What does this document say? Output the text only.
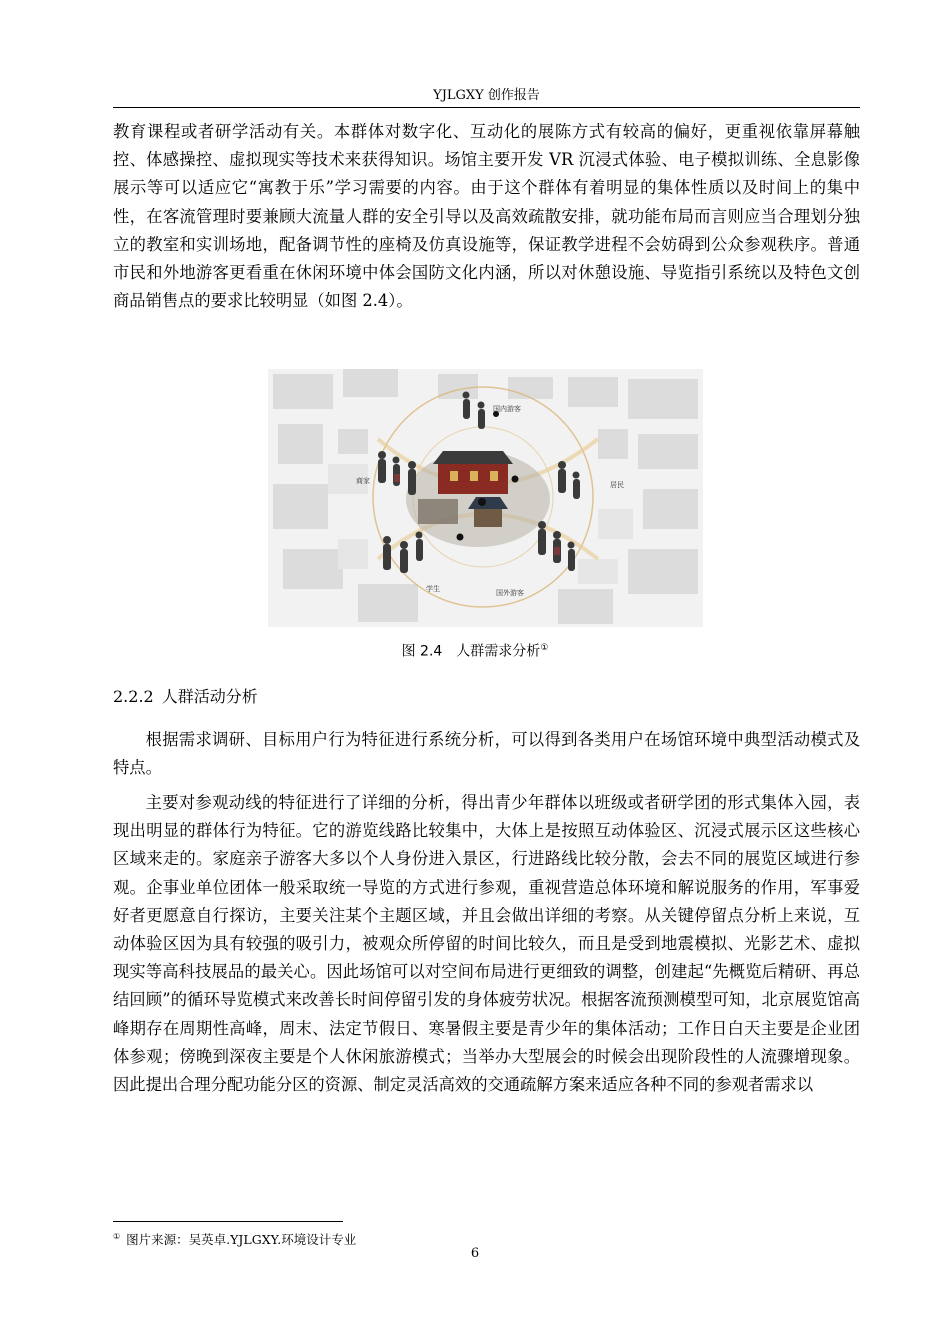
YJLGXY 创作报告

教育课程或者研学活动有关。本群体对数字化、互动化的展陈方式有较高的偏好，更重视依靠屏幕触控、体感操控、虚拟现实等技术来获得知识。场馆主要开发 VR 沉浸式体验、电子模拟训练、全息影像展示等可以适应它“寓教于乐”学习需要的内容。由于这个群体有着明显的集体性质以及时间上的集中性，在客流管理时要兼顾大流量人群的安全引导以及高效疏散安排，就功能布局而言则应当合理划分独立的教室和实训场地，配备调节性的座椅及仿真设施等，保证教学进程不会妨碍到公众参观秩序。普通市民和外地游客更看重在休闲环境中体会国防文化内涵，所以对休憩设施、导览指引系统以及特色文创商品销售点的要求比较明显（如图 2.4）。

国内游客
商家	居民
学生	国外游客
图 2.4　人群需求分析①
2.2.2 人群活动分析

根据需求调研、目标用户行为特征进行系统分析，可以得到各类用户在场馆环境中典型活动模式及特点。

主要对参观动线的特征进行了详细的分析，得出青少年群体以班级或者研学团的形式集体入园，表现出明显的群体行为特征。它的游览线路比较集中，大体上是按照互动体验区、沉浸式展示区这些核心区域来走的。家庭亲子游客大多以个人身份进入景区，行进路线比较分散，会去不同的展览区域进行参观。企事业单位团体一般采取统一导览的方式进行参观，重视营造总体环境和解说服务的作用，军事爱好者更愿意自行探访，主要关注某个主题区域，并且会做出详细的考察。从关键停留点分析上来说，互动体验区因为具有较强的吸引力，被观众所停留的时间比较久，而且是受到地震模拟、光影艺术、虚拟现实等高科技展品的最关心。因此场馆可以对空间布局进行更细致的调整，创建起“先概览后精研、再总结回顾”的循环导览模式来改善长时间停留引发的身体疲劳状况。根据客流预测模型可知，北京展览馆高峰期存在周期性高峰，周末、法定节假日、寒暑假主要是青少年的集体活动；工作日白天主要是企业团体参观；傍晚到深夜主要是个人休闲旅游模式；当举办大型展会的时候会出现阶段性的人流骤增现象。因此提出合理分配功能分区的资源、制定灵活高效的交通疏解方案来适应各种不同的参观者需求以

① 图片来源：吴英卓.YJLGXY.环境设计专业
6
